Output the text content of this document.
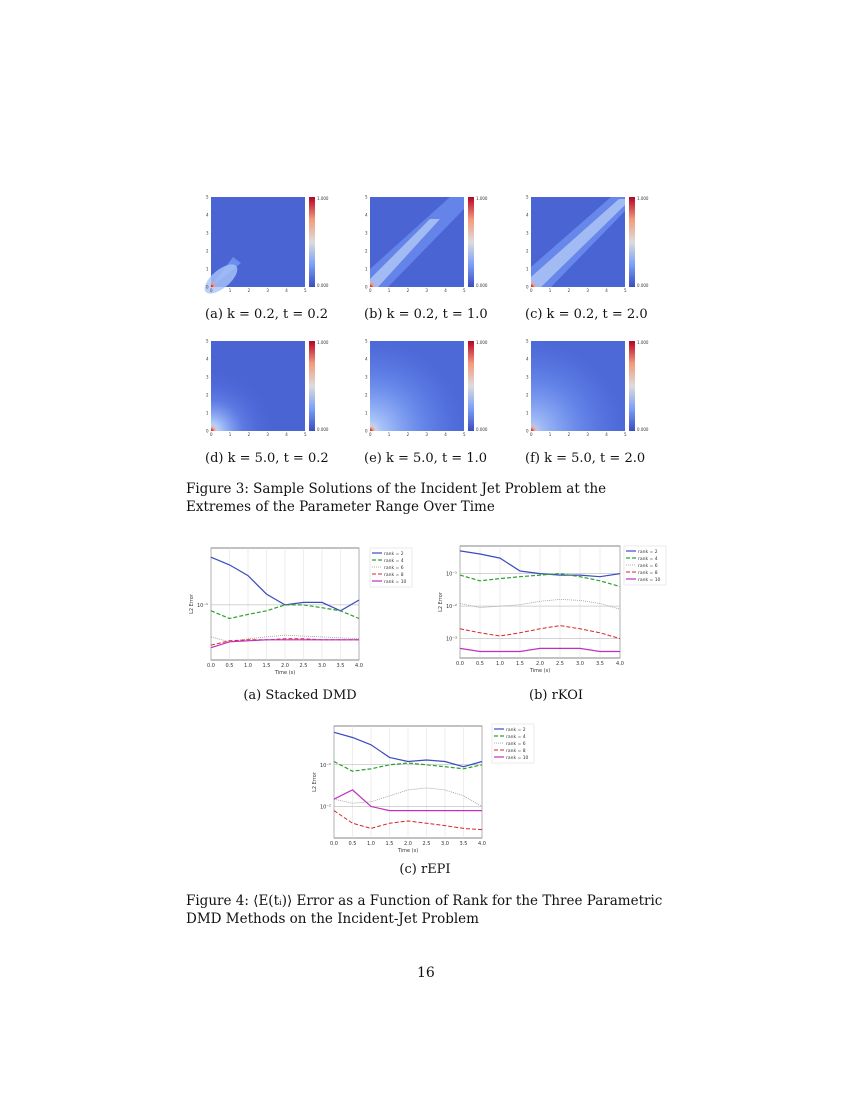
1.000
0.000
1.000
0.000
1.000
0.000
1.000
0.000
1.000
0.000
1.000
0.000
0
0
1
1
2
2
3
3
4
4
5
5
0
0
1
1
2
2
3
3
4
4
5
5
0
0
1
1
2
2
3
3
4
4
5
5
0
0
1
1
2
2
3
3
4
4
5
5
0
0
1
1
2
2
3
3
4
4
5
5
0
0
1
1
2
2
3
3
4
4
5
5
(a) k = 0.2, t = 0.2	(b) k = 0.2, t = 1.0	(c) k = 0.2, t = 2.0
(d) k = 5.0, t = 0.2	(e) k = 5.0, t = 1.0	(f) k = 5.0, t = 2.0
Figure 3: Sample Solutions of the Incident Jet Problem at the Extremes of the Parameter Range Over Time
0.0 0.5 1.0 1.5 2.0 2.5 3.0 3.5 4.0
10⁻¹
Time (s)
L2 Error
rank = 2
rank = 4
rank = 6
rank = 8
rank = 10
0.0 0.5 1.0 1.5 2.0 2.5 3.0 3.5 4.0
10⁻¹
10⁻²
10⁻³
Time (s)
L2 Error
rank = 2
rank = 4
rank = 6
rank = 8
rank = 10
0.0 0.5 1.0 1.5 2.0 2.5 3.0 3.5 4.0
10⁻¹
10⁻²
Time (s)
L2 Error
rank = 2
rank = 4
rank = 6
rank = 8
rank = 10
(a) Stacked DMD	(b) rKOI
(c) rEPI
Figure 4: ⟨E(tᵢ)⟩ Error as a Function of Rank for the Three Parametric DMD Methods on the Incident-Jet Problem
16
